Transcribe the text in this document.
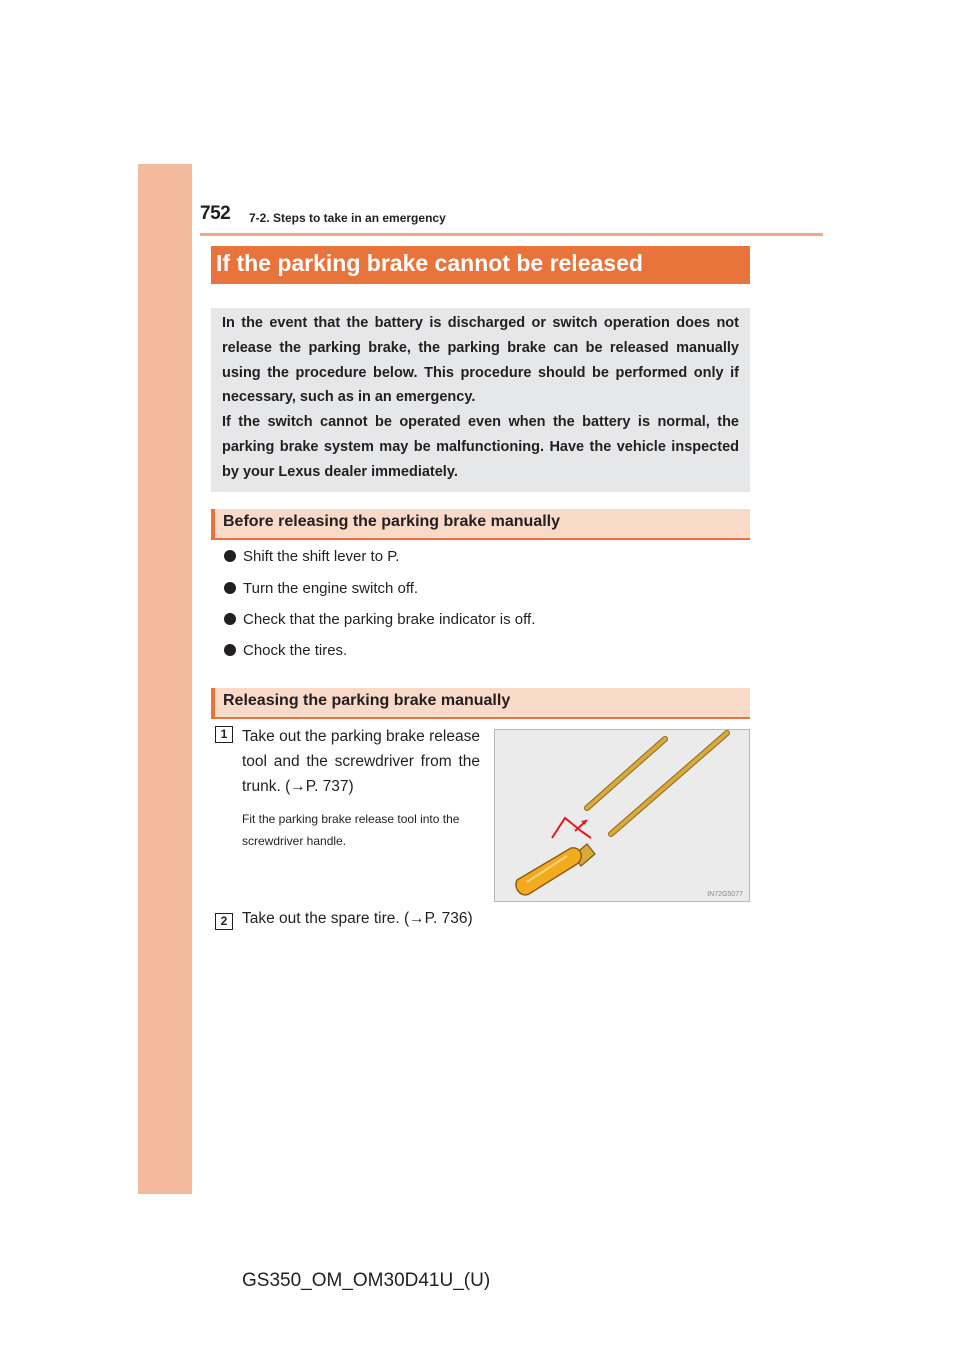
752 7-2. Steps to take in an emergency
If the parking brake cannot be released

In the event that the battery is discharged or switch operation does not release the parking brake, the parking brake can be released manually using the procedure below. This procedure should be performed only if necessary, such as in an emergency.

If the switch cannot be operated even when the battery is normal, the parking brake system may be malfunctioning. Have the vehicle inspected by your Lexus dealer immediately.

Before releasing the parking brake manually
Shift the shift lever to P.
Turn the engine switch off.
Check that the parking brake indicator is off.
Chock the tires.
Releasing the parking brake manually
1 Take out the parking brake release tool and the screwdriver from the trunk. (→P. 737)
Fit the parking brake release tool into the screwdriver handle.
IN72G5077
2 Take out the spare tire. (→P. 736)
GS350_OM_OM30D41U_(U)
